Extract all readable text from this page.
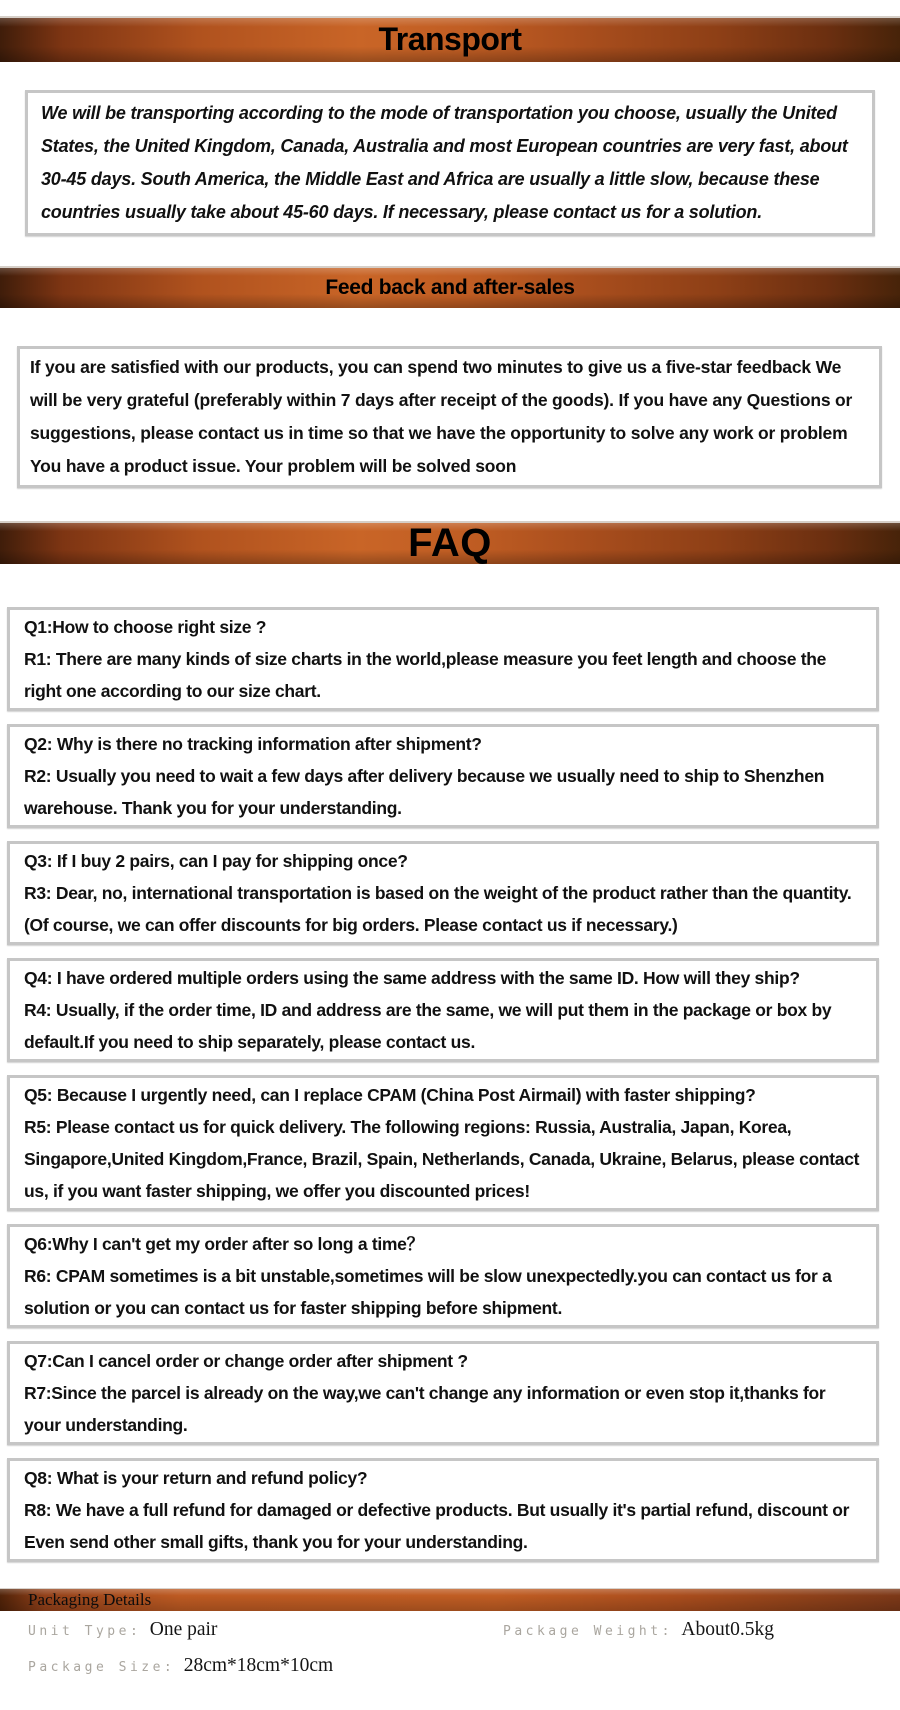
Transport

We will be transporting according to the mode of transportation you choose, usually the United States, the United Kingdom, Canada, Australia and most European countries are very fast, about 30-45 days. South America, the Middle East and Africa are usually a little slow, because these countries usually take about 45-60 days. If necessary, please contact us for a solution.

Feed back and after-sales

If you are satisfied with our products, you can spend two minutes to give us a five-star feedback We will be very grateful (preferably within 7 days after receipt of the goods). If you have any Questions or suggestions, please contact us in time so that we have the opportunity to solve any work or problem You have a product issue. Your problem will be solved soon

FAQ
Q1:How to choose right size ?
R1: There are many kinds of size charts in the world,please measure you feet length and choose the right one according to our size chart.
Q2: Why is there no tracking information after shipment?
R2: Usually you need to wait a few days after delivery because we usually need to ship to Shenzhen warehouse. Thank you for your understanding.
Q3: If I buy 2 pairs, can I pay for shipping once?
R3: Dear, no, international transportation is based on the weight of the product rather than the quantity. (Of course, we can offer discounts for big orders. Please contact us if necessary.)
Q4: I have ordered multiple orders using the same address with the same ID. How will they ship?
R4: Usually, if the order time, ID and address are the same, we will put them in the package or box by default.If you need to ship separately, please contact us.
Q5: Because I urgently need, can I replace CPAM (China Post Airmail) with faster shipping?
R5: Please contact us for quick delivery. The following regions: Russia, Australia, Japan, Korea, Singapore,United Kingdom,France, Brazil, Spain, Netherlands, Canada, Ukraine, Belarus, please contact us, if you want faster shipping, we offer you discounted prices!
Q6:Why I can't get my order after so long a time？
R6: CPAM sometimes is a bit unstable,sometimes will be slow unexpectedly.you can contact us for a solution or you can contact us for faster shipping before shipment.
Q7:Can I cancel order or change order after shipment ?
R7:Since the parcel is already on the way,we can't change any information or even stop it,thanks for your understanding.
Q8: What is your return and refund policy?
R8: We have a full refund for damaged or defective products. But usually it's partial refund, discount or Even send other small gifts, thank you for your understanding.
Packaging Details
Unit Type: One pair	Package Weight: About0.5kg
Package Size: 28cm*18cm*10cm
